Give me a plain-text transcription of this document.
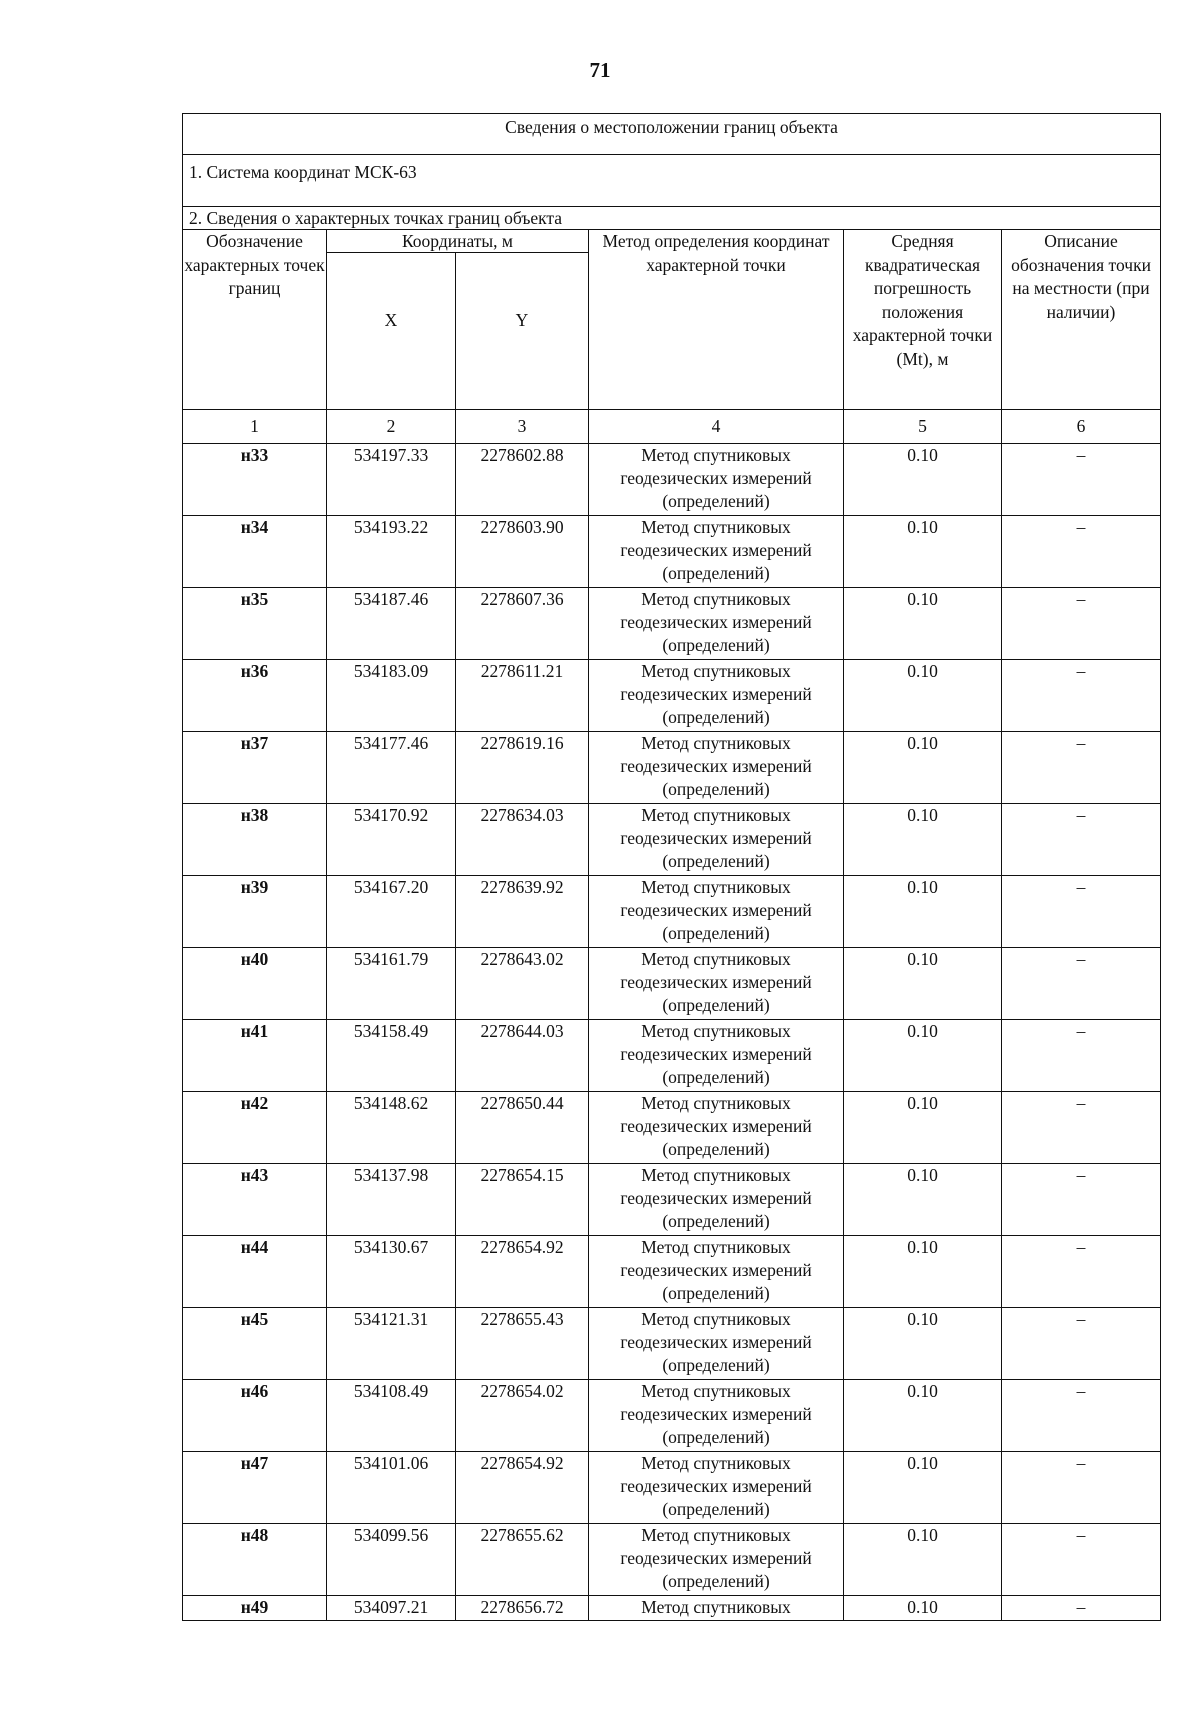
71
Сведения о местоположении границ объекта					
1. Система координат МСК-63					
2. Сведения о характерных точках границ объекта					
Обозначение характерных точек границ	Координаты, м		Метод определения координат характерной точки	Средняя квадратическая погрешность положения характерной точки (Mt), м	Описание обозначения точки на местности (при наличии)
	X	Y			
1	2	3	4	5	6
н33	534197.33	2278602.88	Метод спутниковых геодезических измерений (определений)	0.10	–
н34	534193.22	2278603.90	Метод спутниковых геодезических измерений (определений)	0.10	–
н35	534187.46	2278607.36	Метод спутниковых геодезических измерений (определений)	0.10	–
н36	534183.09	2278611.21	Метод спутниковых геодезических измерений (определений)	0.10	–
н37	534177.46	2278619.16	Метод спутниковых геодезических измерений (определений)	0.10	–
н38	534170.92	2278634.03	Метод спутниковых геодезических измерений (определений)	0.10	–
н39	534167.20	2278639.92	Метод спутниковых геодезических измерений (определений)	0.10	–
н40	534161.79	2278643.02	Метод спутниковых геодезических измерений (определений)	0.10	–
н41	534158.49	2278644.03	Метод спутниковых геодезических измерений (определений)	0.10	–
н42	534148.62	2278650.44	Метод спутниковых геодезических измерений (определений)	0.10	–
н43	534137.98	2278654.15	Метод спутниковых геодезических измерений (определений)	0.10	–
н44	534130.67	2278654.92	Метод спутниковых геодезических измерений (определений)	0.10	–
н45	534121.31	2278655.43	Метод спутниковых геодезических измерений (определений)	0.10	–
н46	534108.49	2278654.02	Метод спутниковых геодезических измерений (определений)	0.10	–
н47	534101.06	2278654.92	Метод спутниковых геодезических измерений (определений)	0.10	–
н48	534099.56	2278655.62	Метод спутниковых геодезических измерений (определений)	0.10	–
н49	534097.21	2278656.72	Метод спутниковых	0.10	–
